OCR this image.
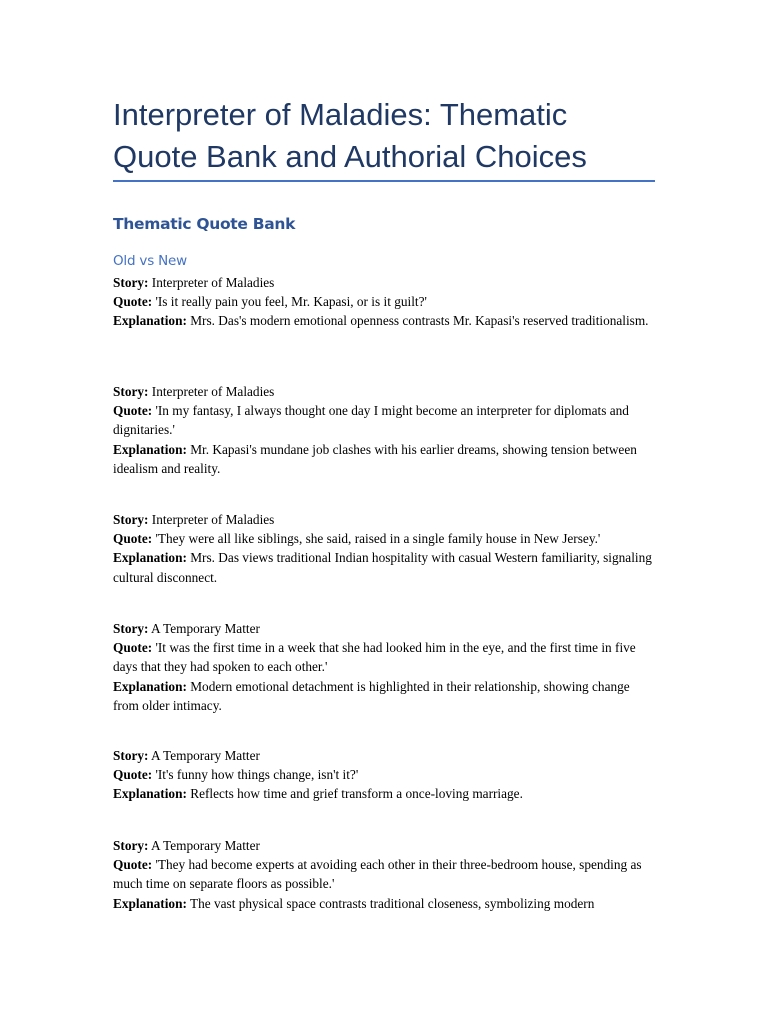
Interpreter of Maladies: Thematic Quote Bank and Authorial Choices
Thematic Quote Bank
Old vs New

Story: Interpreter of Maladies

Quote: 'Is it really pain you feel, Mr. Kapasi, or is it guilt?'

Explanation: Mrs. Das's modern emotional openness contrasts Mr. Kapasi's reserved traditionalism.

Story: Interpreter of Maladies

Quote: 'In my fantasy, I always thought one day I might become an interpreter for diplomats and dignitaries.'

Explanation: Mr. Kapasi's mundane job clashes with his earlier dreams, showing tension between idealism and reality.

Story: Interpreter of Maladies

Quote: 'They were all like siblings, she said, raised in a single family house in New Jersey.'

Explanation: Mrs. Das views traditional Indian hospitality with casual Western familiarity, signaling cultural disconnect.

Story: A Temporary Matter

Quote: 'It was the first time in a week that she had looked him in the eye, and the first time in five days that they had spoken to each other.'

Explanation: Modern emotional detachment is highlighted in their relationship, showing change from older intimacy.

Story: A Temporary Matter

Quote: 'It's funny how things change, isn't it?'

Explanation: Reflects how time and grief transform a once-loving marriage.

Story: A Temporary Matter

Quote: 'They had become experts at avoiding each other in their three-bedroom house, spending as much time on separate floors as possible.'

Explanation: The vast physical space contrasts traditional closeness, symbolizing modern
